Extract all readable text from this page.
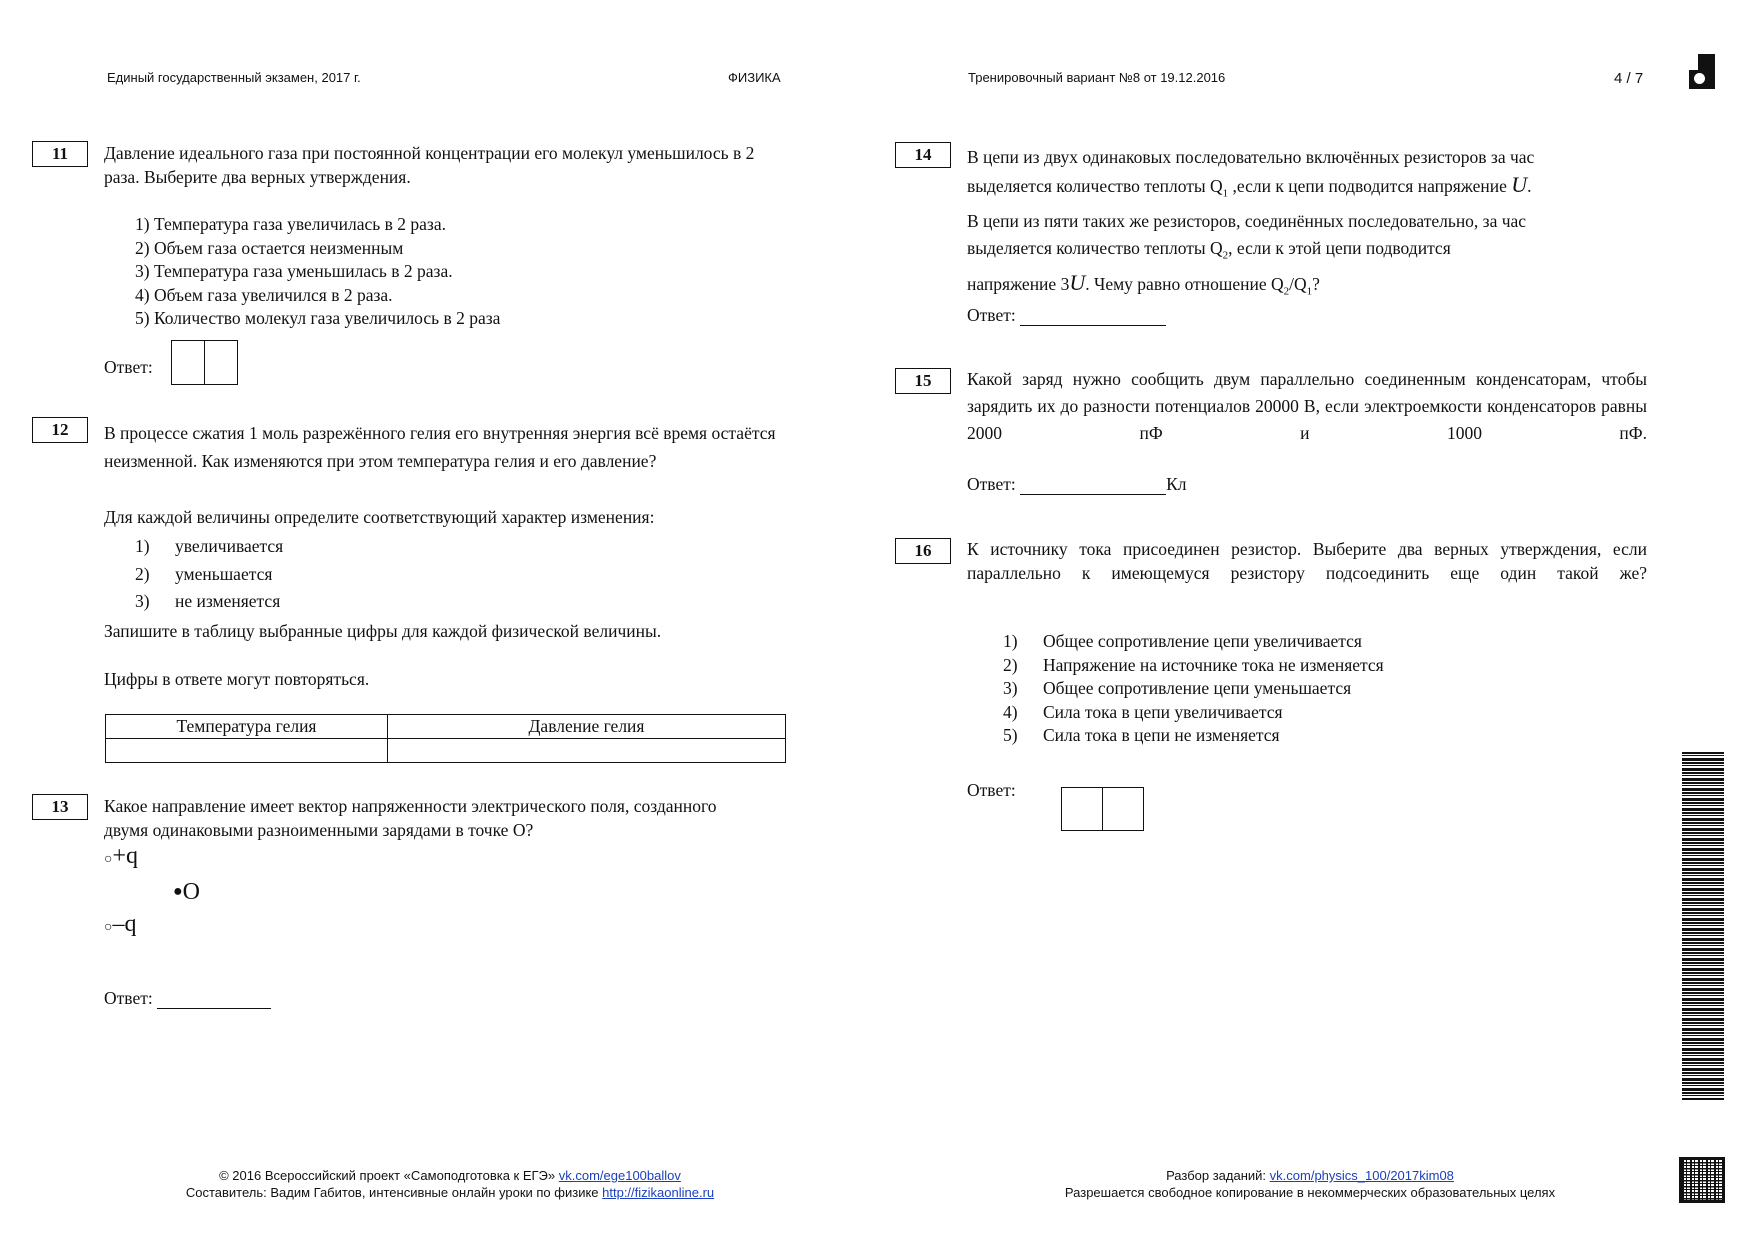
Единый государственный экзамен, 2017 г.	ФИЗИКА	Тренировочный вариант №8 от 19.12.2016	4 / 7
11	Давление идеального газа при постоянной концентрации его молекул уменьшилось в 2 раза. Выберите два верных утверждения.
1) Температура газа увеличилась в 2 раза.
2) Объем газа остается неизменным
3) Температура газа уменьшилась в 2 раза.
4) Объем газа увеличился в 2 раза.
5) Количество молекул газа увеличилось в 2 раза
Ответ:
12	В процессе сжатия 1 моль разрежённого гелия его внутренняя энергия всё время остаётся неизменной. Как изменяются при этом температура гелия и его давление?
Для каждой величины определите соответствующий характер изменения:
1)	увеличивается
2)	уменьшается
3)	не изменяется
Запишите в таблицу выбранные цифры для каждой физической величины.
Цифры в ответе могут повторяться.
Температура гелия	Давление гелия

13	Какое направление имеет вектор напряженности электрического поля, созданного двумя одинаковыми разноименными зарядами в точке О?
○+q
●O
○–q
Ответ:
14	В цепи из двух одинаковых последовательно включённых резисторов за час
выделяется количество теплоты $Q_1$ ,если к цепи подводится напряжение U.
В цепи из пяти таких же резисторов, соединённых последовательно, за час
выделяется количество теплоты $Q_2$, если к этой цепи подводится
напряжение 3U. Чему равно отношение $Q_2/Q_1$?
Ответ:
15	Какой заряд нужно сообщить двум параллельно соединенным конденсаторам, чтобы зарядить их до разности потенциалов 20000 В, если электроемкости конденсаторов равны 2000 пФ и 1000 пФ.
Ответ:	Кл
16	К источнику тока присоединен резистор. Выберите два верных утверждения, если параллельно к имеющемуся резистору подсоединить еще один такой же?
1)	Общее сопротивление цепи увеличивается
2)	Напряжение на источнике тока не изменяется
3)	Общее сопротивление цепи уменьшается
4)	Сила тока в цепи увеличивается
5)	Сила тока в цепи не изменяется
Ответ:
© 2016 Всероссийский проект «Самоподготовка к ЕГЭ» vk.com/ege100ballov
Составитель: Вадим Габитов, интенсивные онлайн уроки по физике http://fizikaonline.ru
Разбор заданий: vk.com/physics_100/2017kim08
Разрешается свободное копирование в некоммерческих образовательных целях
